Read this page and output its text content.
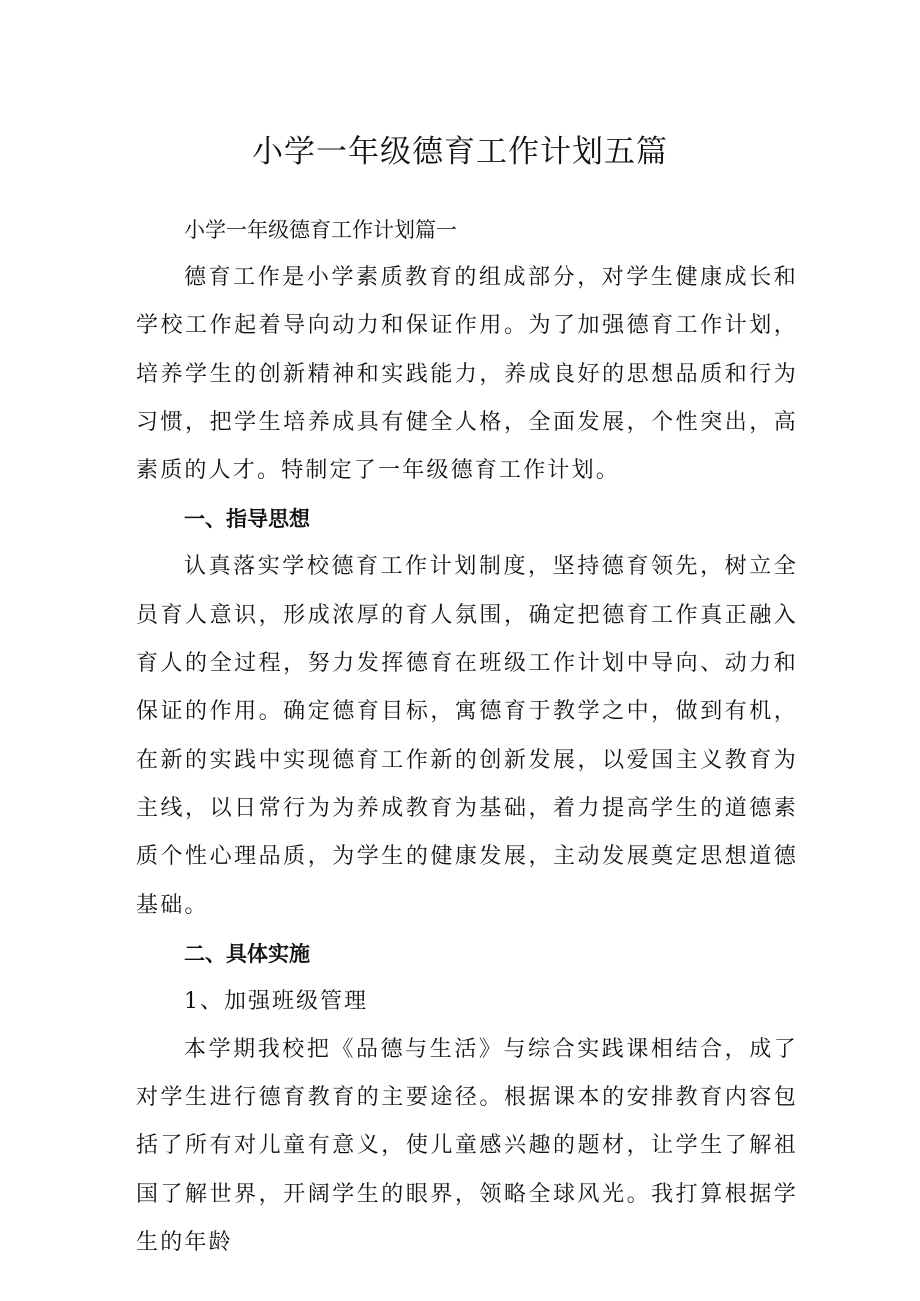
小学一年级德育工作计划五篇

小学一年级德育工作计划篇一

德育工作是小学素质教育的组成部分，对学生健康成长和学校工作起着导向动力和保证作用。为了加强德育工作计划，培养学生的创新精神和实践能力，养成良好的思想品质和行为习惯，把学生培养成具有健全人格，全面发展，个性突出，高素质的人才。特制定了一年级德育工作计划。

一、指导思想

认真落实学校德育工作计划制度，坚持德育领先，树立全员育人意识，形成浓厚的育人氛围，确定把德育工作真正融入育人的全过程，努力发挥德育在班级工作计划中导向、动力和保证的作用。确定德育目标，寓德育于教学之中，做到有机，在新的实践中实现德育工作新的创新发展，以爱国主义教育为主线，以日常行为为养成教育为基础，着力提高学生的道德素质个性心理品质，为学生的健康发展，主动发展奠定思想道德基础。

二、具体实施

1、加强班级管理

本学期我校把《品德与生活》与综合实践课相结合，成了对学生进行德育教育的主要途径。根据课本的安排教育内容包括了所有对儿童有意义，使儿童感兴趣的题材，让学生了解祖国了解世界，开阔学生的眼界，领略全球风光。我打算根据学生的年龄
